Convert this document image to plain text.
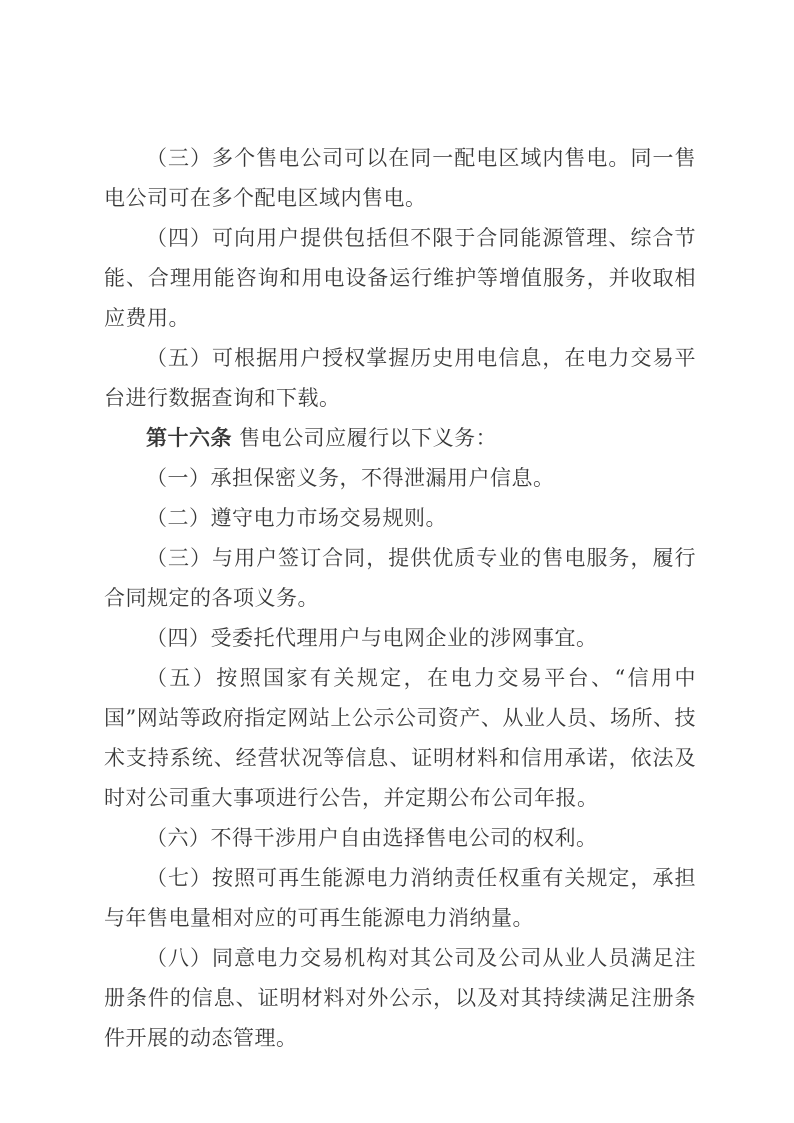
（三）多个售电公司可以在同一配电区域内售电。同一售电公司可在多个配电区域内售电。

（四）可向用户提供包括但不限于合同能源管理、综合节能、合理用能咨询和用电设备运行维护等增值服务，并收取相应费用。

（五）可根据用户授权掌握历史用电信息，在电力交易平台进行数据查询和下载。

第十六条 售电公司应履行以下义务：

（一）承担保密义务，不得泄漏用户信息。

（二）遵守电力市场交易规则。

（三）与用户签订合同，提供优质专业的售电服务，履行合同规定的各项义务。

（四）受委托代理用户与电网企业的涉网事宜。

（五）按照国家有关规定，在电力交易平台、“信用中国”网站等政府指定网站上公示公司资产、从业人员、场所、技术支持系统、经营状况等信息、证明材料和信用承诺，依法及时对公司重大事项进行公告，并定期公布公司年报。

（六）不得干涉用户自由选择售电公司的权利。

（七）按照可再生能源电力消纳责任权重有关规定，承担与年售电量相对应的可再生能源电力消纳量。

（八）同意电力交易机构对其公司及公司从业人员满足注册条件的信息、证明材料对外公示，以及对其持续满足注册条件开展的动态管理。
